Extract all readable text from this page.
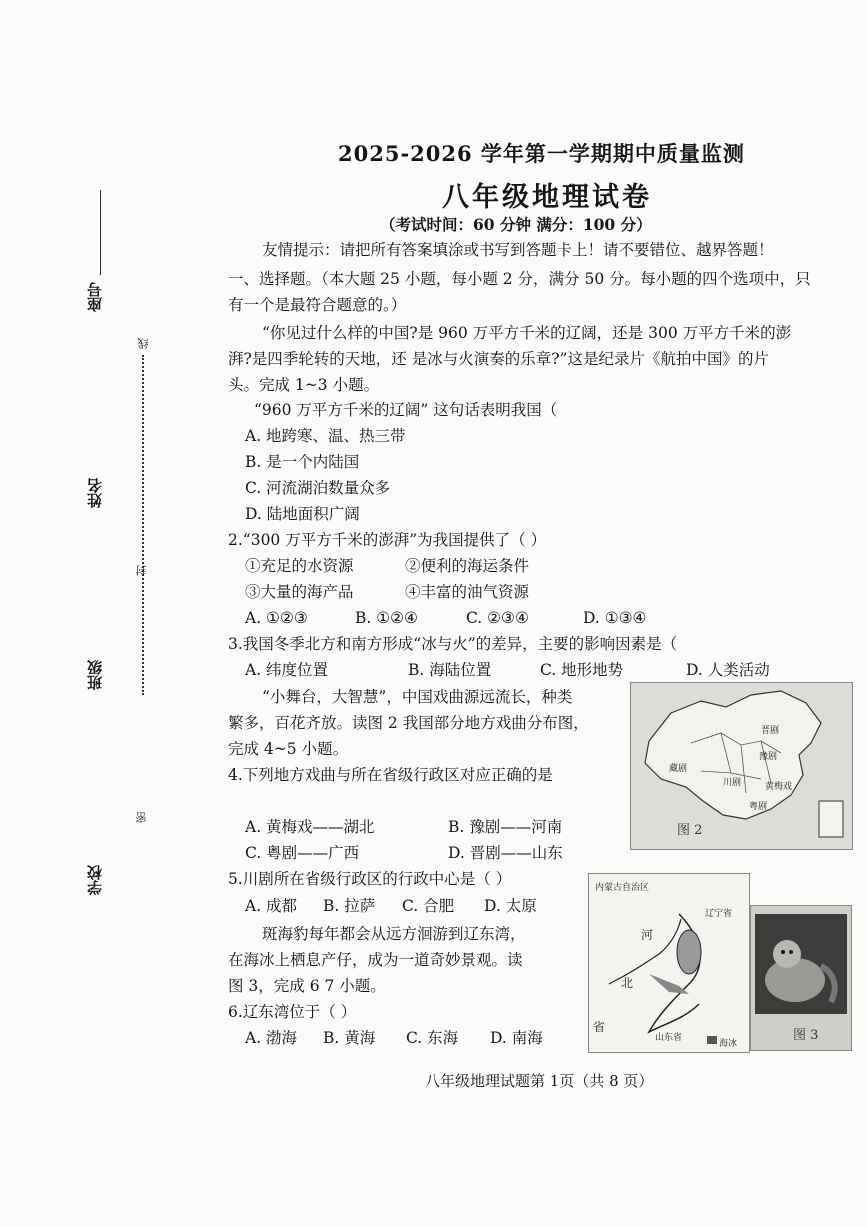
座号
姓名
班级
学校
线
封
密
2025-2026 学年第一学期期中质量监测
八年级地理试卷
（考试时间：60 分钟 满分：100 分）
友情提示：请把所有答案填涂或书写到答题卡上！请不要错位、越界答题！
一、选择题。（本大题 25 小题，每小题 2 分，满分 50 分。每小题的四个选项中，只
有一个是最符合题意的。）
“你见过什么样的中国?是 960 万平方千米的辽阔，还是 300 万平方千米的澎
湃?是四季轮转的天地，还 是冰与火演奏的乐章?”这是纪录片《航拍中国》的片
头。完成 1~3 小题。
“960 万平方千米的辽阔” 这句话表明我国（
A. 地跨寒、温、热三带
B. 是一个内陆国
C. 河流湖泊数量众多
D. 陆地面积广阔
2.“300 万平方千米的澎湃”为我国提供了（ ）
①充足的水资源	②便利的海运条件
③大量的海产品	④丰富的油气资源
A. ①②③	B. ①②④	C. ②③④	D. ①③④
3.我国冬季北方和南方形成“冰与火”的差异，主要的影响因素是（
A. 纬度位置	B. 海陆位置	C. 地形地势	D. 人类活动
“小舞台，大智慧”，中国戏曲源远流长，种类
繁多，百花齐放。读图 2 我国部分地方戏曲分布图，
完成 4~5 小题。
4.下列地方戏曲与所在省级行政区对应正确的是
A. 黄梅戏——湖北	B. 豫剧——河南
C. 粤剧——广西	D. 晋剧——山东
5.川剧所在省级行政区的行政中心是（ ）
A. 成都 B. 拉萨 C. 合肥 D. 太原
斑海豹每年都会从远方洄游到辽东湾，
在海冰上栖息产仔，成为一道奇妙景观。读
图 3，完成 6 7 小题。
6.辽东湾位于（ ）
A. 渤海 B. 黄海 C. 东海 D. 南海
晋剧
豫剧
藏剧
川剧	黄梅戏
粤剧
图 2
内蒙古自治区
辽宁省
河
北
省
山东省
海冰
图 3
八年级地理试题第 1页（共 8 页）
